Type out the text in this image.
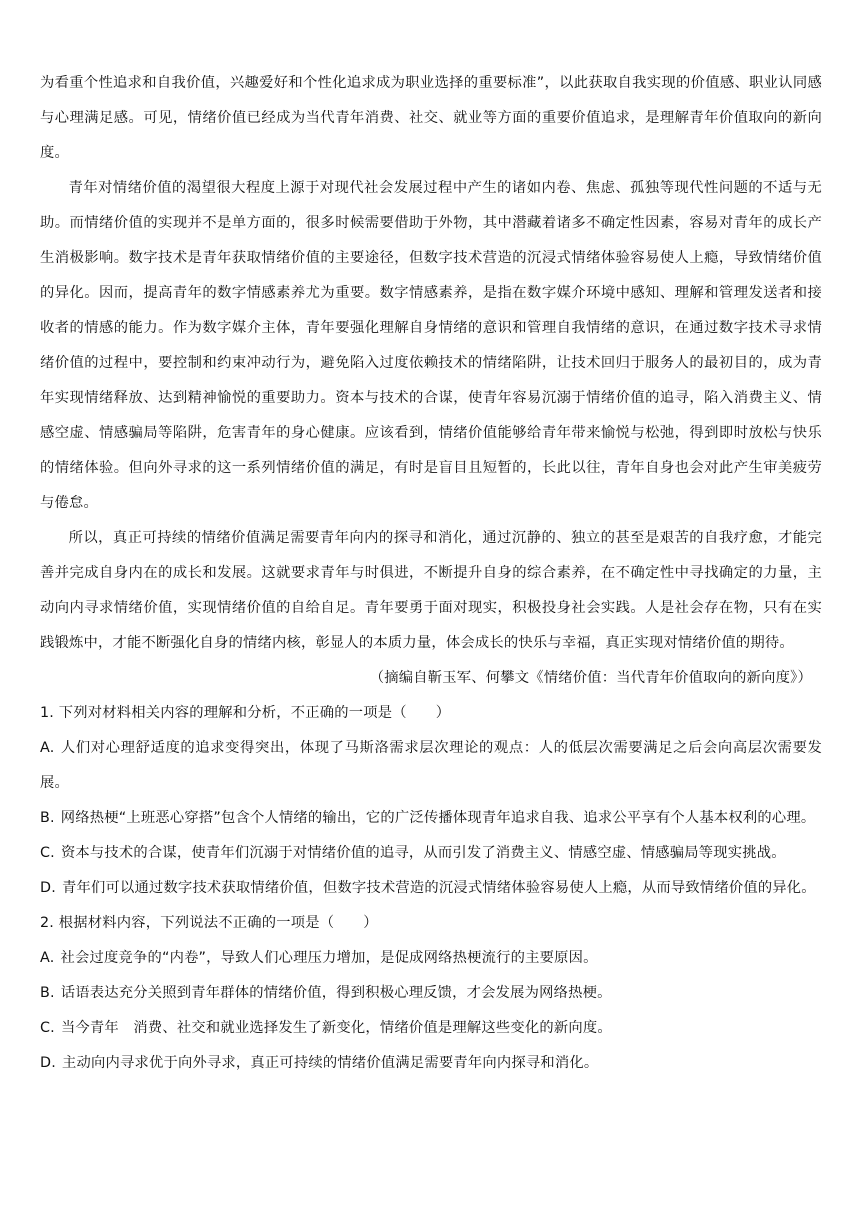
为看重个性追求和自我价值，兴趣爱好和个性化追求成为职业选择的重要标准”，以此获取自我实现的价值感、职业认同感与心理满足感。可见，情绪价值已经成为当代青年消费、社交、就业等方面的重要价值追求，是理解青年价值取向的新向度。

青年对情绪价值的渴望很大程度上源于对现代社会发展过程中产生的诸如内卷、焦虑、孤独等现代性问题的不适与无助。而情绪价值的实现并不是单方面的，很多时候需要借助于外物，其中潜藏着诸多不确定性因素，容易对青年的成长产生消极影响。数字技术是青年获取情绪价值的主要途径，但数字技术营造的沉浸式情绪体验容易使人上瘾，导致情绪价值的异化。因而，提高青年的数字情感素养尤为重要。数字情感素养，是指在数字媒介环境中感知、理解和管理发送者和接收者的情感的能力。作为数字媒介主体，青年要强化理解自身情绪的意识和管理自我情绪的意识，在通过数字技术寻求情绪价值的过程中，要控制和约束冲动行为，避免陷入过度依赖技术的情绪陷阱，让技术回归于服务人的最初目的，成为青年实现情绪释放、达到精神愉悦的重要助力。资本与技术的合谋，使青年容易沉溺于情绪价值的追寻，陷入消费主义、情感空虚、情感骗局等陷阱，危害青年的身心健康。应该看到，情绪价值能够给青年带来愉悦与松弛，得到即时放松与快乐的情绪体验。但向外寻求的这一系列情绪价值的满足，有时是盲目且短暂的，长此以往，青年自身也会对此产生审美疲劳与倦怠。

所以，真正可持续的情绪价值满足需要青年向内的探寻和消化，通过沉静的、独立的甚至是艰苦的自我疗愈，才能完善并完成自身内在的成长和发展。这就要求青年与时俱进，不断提升自身的综合素养，在不确定性中寻找确定的力量，主动向内寻求情绪价值，实现情绪价值的自给自足。青年要勇于面对现实，积极投身社会实践。人是社会存在物，只有在实践锻炼中，才能不断强化自身的情绪内核，彰显人的本质力量，体会成长的快乐与幸福，真正实现对情绪价值的期待。

（摘编自靳玉军、何攀文《情绪价值：当代青年价值取向的新向度》）

1. 下列对材料相关内容的理解和分析，不正确的一项是（　　）

A. 人们对心理舒适度的追求变得突出，体现了马斯洛需求层次理论的观点：人的低层次需要满足之后会向高层次需要发展。

B. 网络热梗“上班恶心穿搭”包含个人情绪的输出，它的广泛传播体现青年追求自我、追求公平享有个人基本权利的心理。

C. 资本与技术的合谋，使青年们沉溺于对情绪价值的追寻，从而引发了消费主义、情感空虚、情感骗局等现实挑战。

D. 青年们可以通过数字技术获取情绪价值，但数字技术营造的沉浸式情绪体验容易使人上瘾，从而导致情绪价值的异化。

2. 根据材料内容，下列说法不正确的一项是（　　）

A. 社会过度竞争的“内卷”，导致人们心理压力增加，是促成网络热梗流行的主要原因。

B. 话语表达充分关照到青年群体的情绪价值，得到积极心理反馈，才会发展为网络热梗。

C. 当今青年　消费、社交和就业选择发生了新变化，情绪价值是理解这些变化的新向度。

D. 主动向内寻求优于向外寻求，真正可持续的情绪价值满足需要青年向内探寻和消化。
